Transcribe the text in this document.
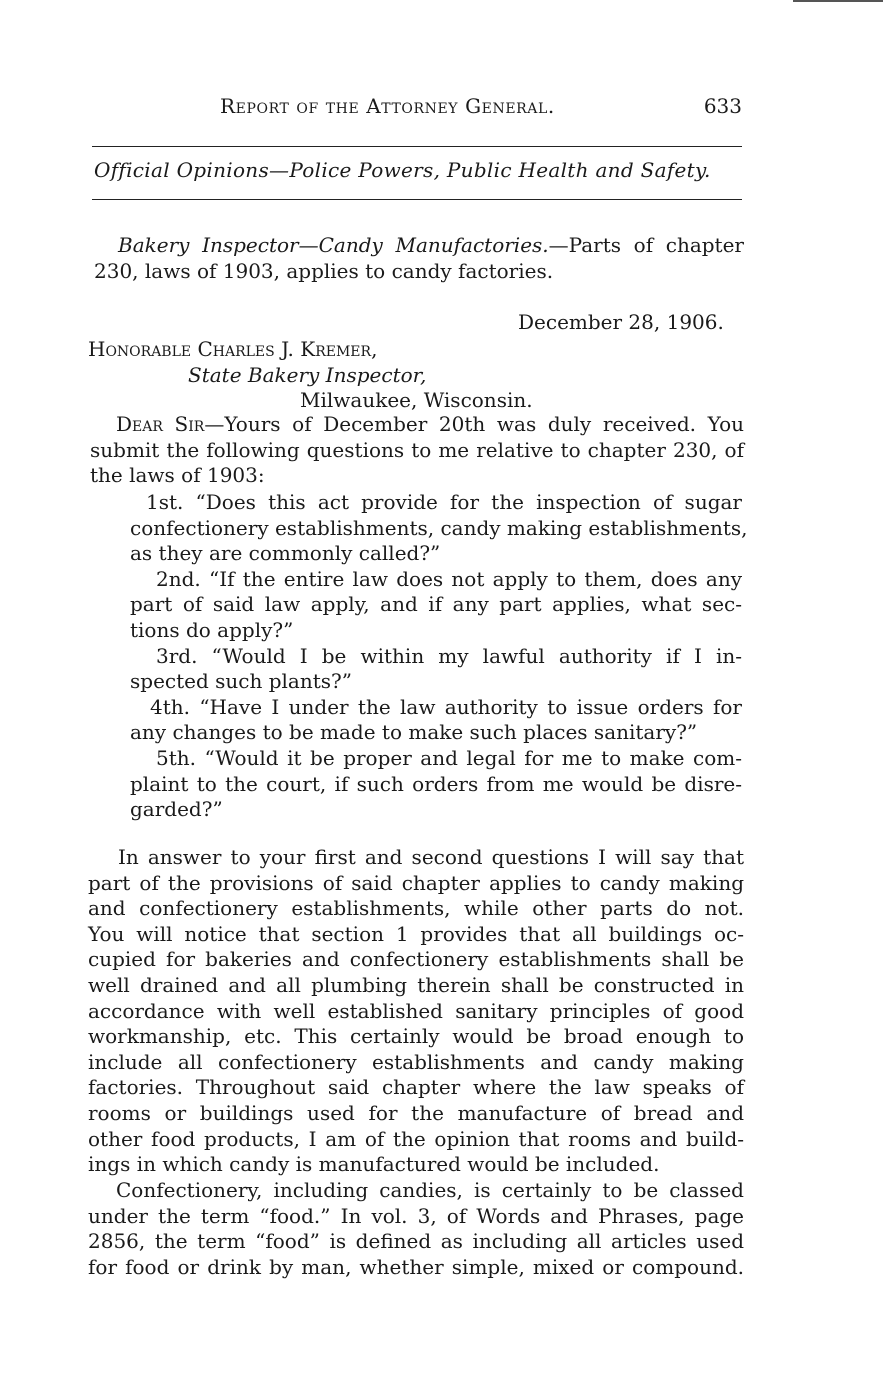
Report of the Attorney General.	633
Official Opinions—Police Powers, Public Health and Safety.
Bakery Inspector—Candy Manufactories.—Parts of chapter
230, laws of 1903, applies to candy factories.
December 28, 1906.
Honorable Charles J. Kremer,
State Bakery Inspector,
Milwaukee, Wisconsin.
Dear Sir—Yours of December 20th was duly received. You
submit the following questions to me relative to chapter 230, of
the laws of 1903:
1st. “Does this act provide for the inspection of sugar
confectionery establishments, candy making establishments,
as they are commonly called?”
2nd. “If the entire law does not apply to them, does any
part of said law apply, and if any part applies, what sec-
tions do apply?”
3rd. “Would I be within my lawful authority if I in-
spected such plants?”
4th. “Have I under the law authority to issue orders for
any changes to be made to make such places sanitary?”
5th. “Would it be proper and legal for me to make com-
plaint to the court, if such orders from me would be disre-
garded?”
In answer to your first and second questions I will say that
part of the provisions of said chapter applies to candy making
and confectionery establishments, while other parts do not.
You will notice that section 1 provides that all buildings oc-
cupied for bakeries and confectionery establishments shall be
well drained and all plumbing therein shall be constructed in
accordance with well established sanitary principles of good
workmanship, etc. This certainly would be broad enough to
include all confectionery establishments and candy making
factories. Throughout said chapter where the law speaks of
rooms or buildings used for the manufacture of bread and
other food products, I am of the opinion that rooms and build-
ings in which candy is manufactured would be included.
Confectionery, including candies, is certainly to be classed
under the term “food.” In vol. 3, of Words and Phrases, page
2856, the term “food” is defined as including all articles used
for food or drink by man, whether simple, mixed or compound.
